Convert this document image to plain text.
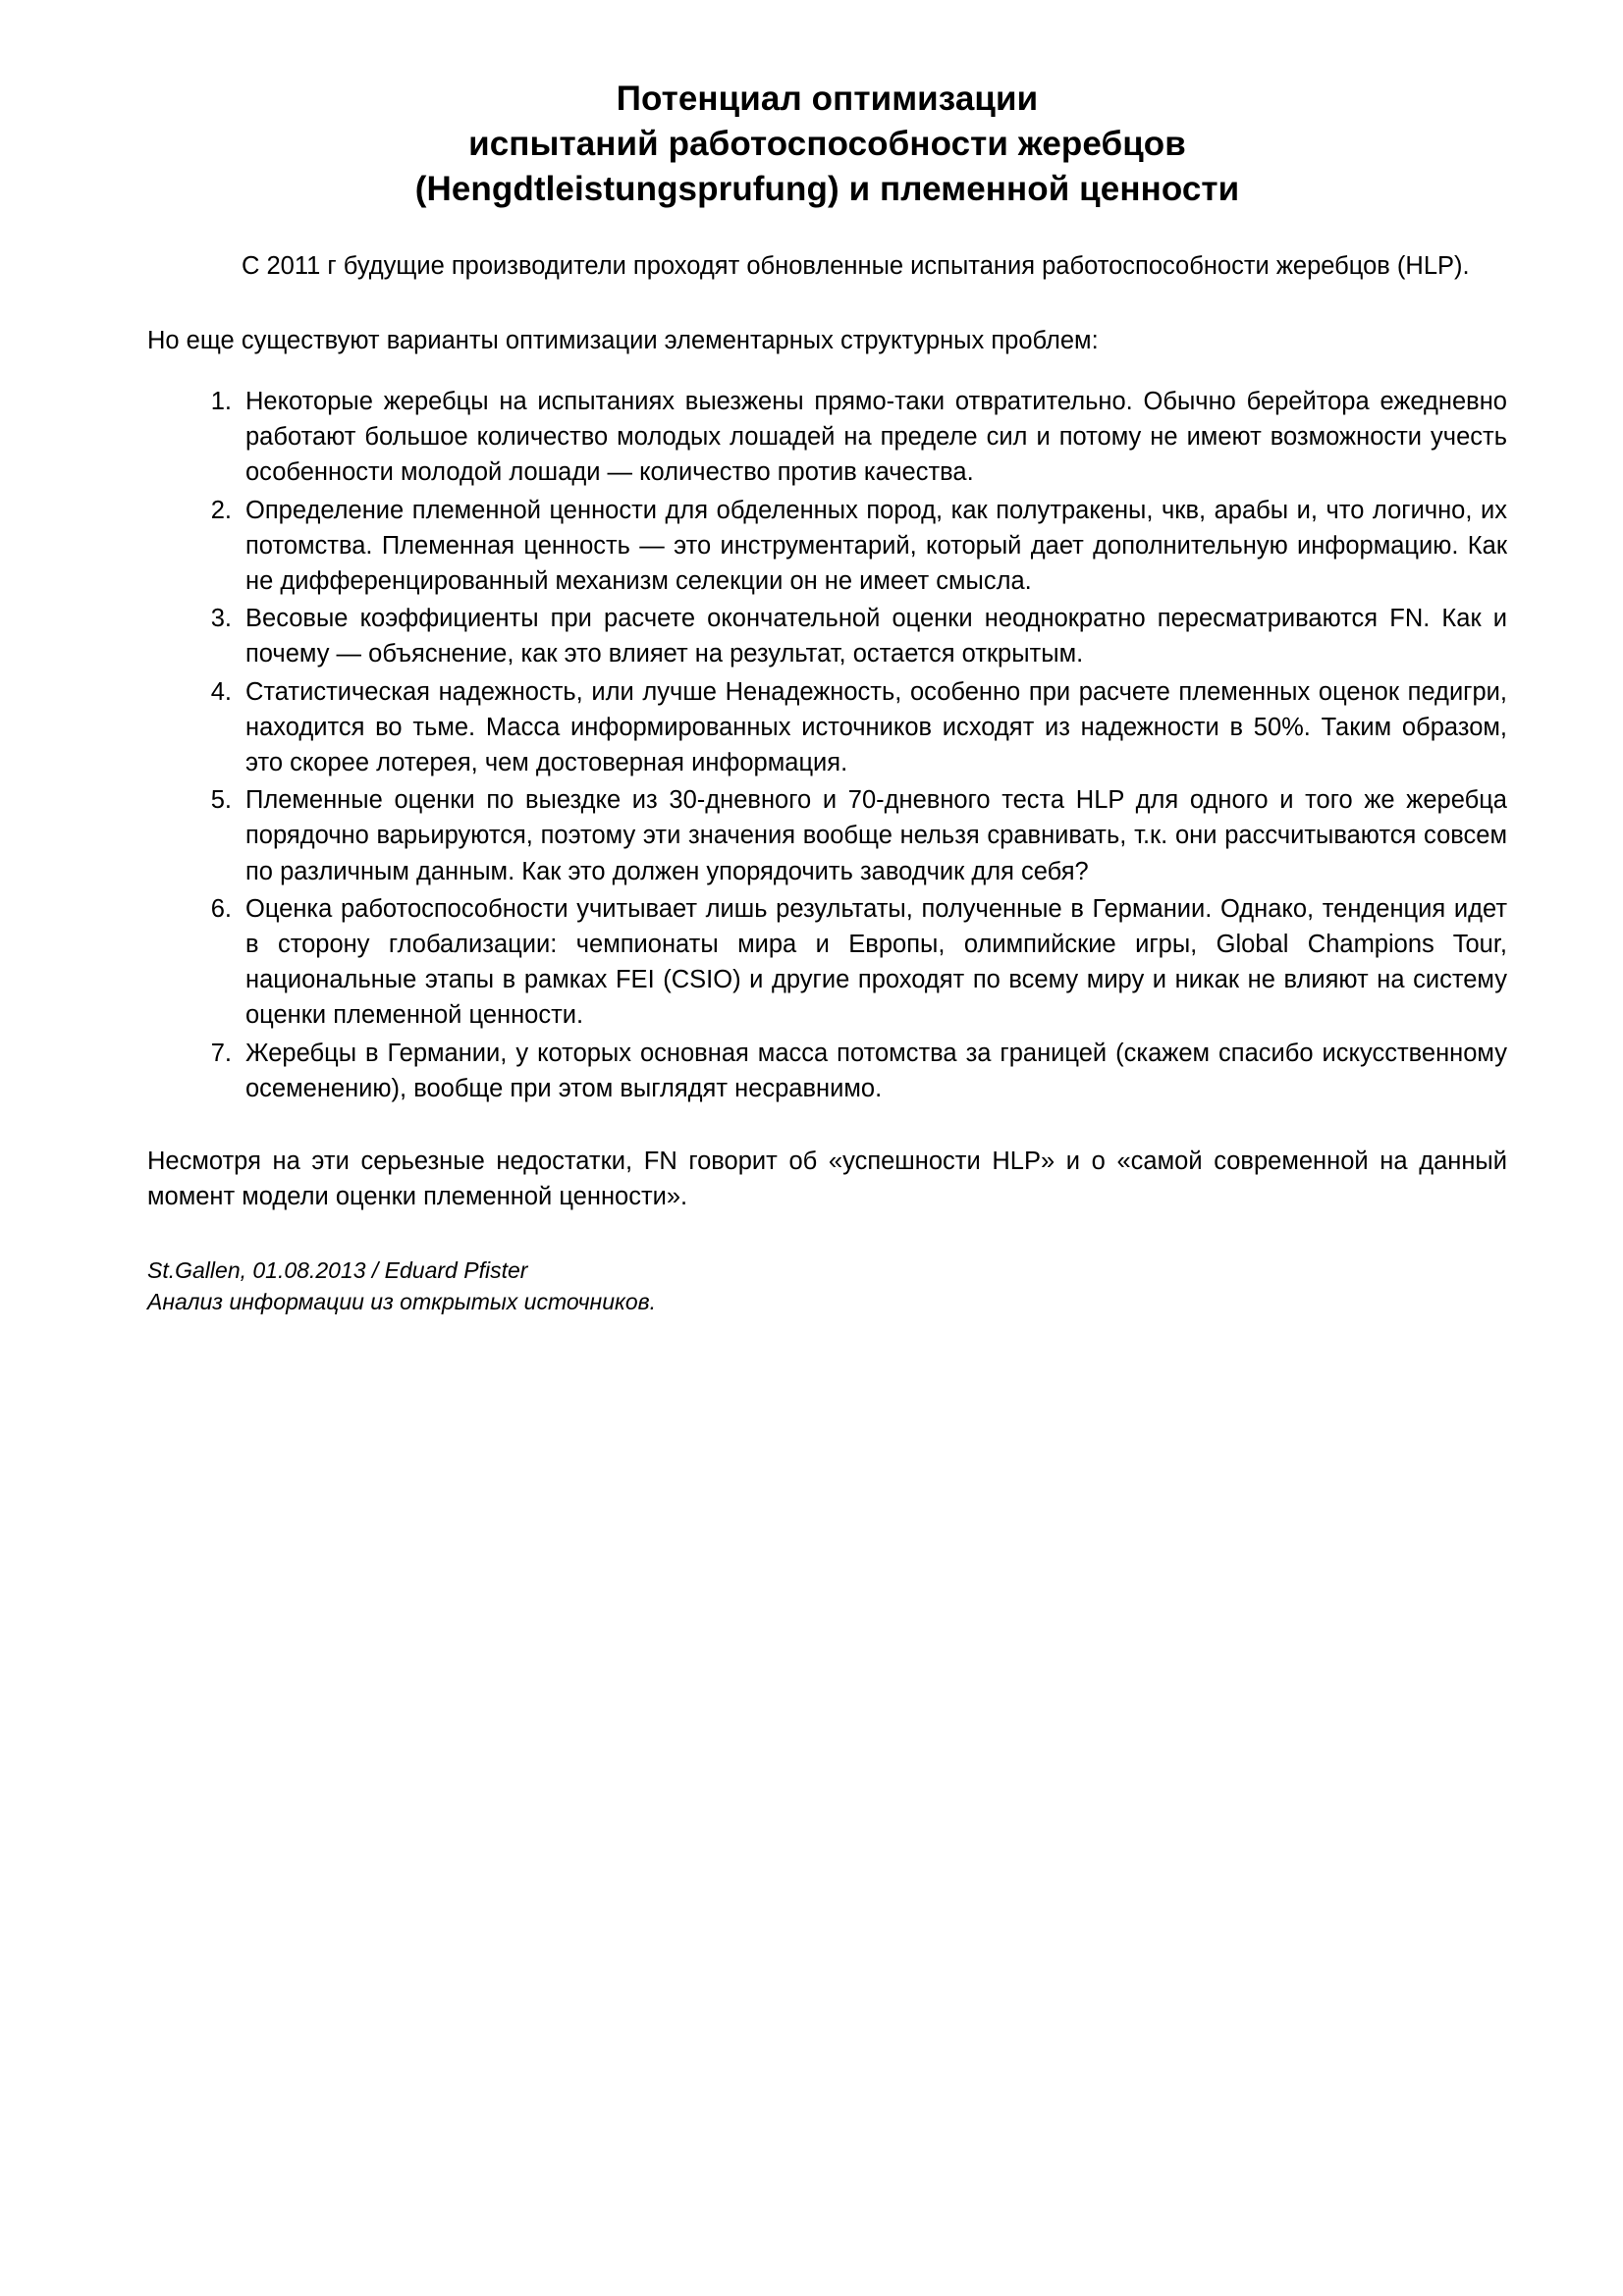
Потенциал оптимизации
испытаний работоспособности жеребцов
(Hengdtleistungsprufung) и племенной ценности

С 2011 г будущие производители проходят обновленные испытания работоспособности жеребцов (HLP).

Но еще существуют варианты оптимизации элементарных структурных проблем:

Некоторые жеребцы на испытаниях выезжены прямо-таки отвратительно. Обычно берейтора ежедневно работают большое количество молодых лошадей на пределе сил и потому не имеют возможности учесть особенности молодой лошади — количество против качества.
Определение племенной ценности для обделенных пород, как полутракены, чкв, арабы и, что логично, их потомства. Племенная ценность — это инструментарий, который дает дополнительную информацию. Как не дифференцированный механизм селекции он не имеет смысла.
Весовые коэффициенты при расчете окончательной оценки неоднократно пересматриваются FN. Как и почему — объяснение, как это влияет на результат, остается открытым.
Статистическая надежность, или лучше Ненадежность, особенно при расчете племенных оценок педигри, находится во тьме. Масса информированных источников исходят из надежности в 50%. Таким образом, это скорее лотерея, чем достоверная информация.
Племенные оценки по выездке из 30-дневного и 70-дневного теста HLP для одного и того же жеребца порядочно варьируются, поэтому эти значения вообще нельзя сравнивать, т.к. они рассчитываются совсем по различным данным. Как это должен упорядочить заводчик для себя?
Оценка работоспособности учитывает лишь результаты, полученные в Германии. Однако, тенденция идет в сторону глобализации: чемпионаты мира и Европы, олимпийские игры, Global Champions Tour, национальные этапы в рамках FEI (CSIO) и другие проходят по всему миру и никак не влияют на систему оценки племенной ценности.
Жеребцы в Германии, у которых основная масса потомства за границей (скажем спасибо искусственному осеменению), вообще при этом выглядят несравнимо.

Несмотря на эти серьезные недостатки, FN говорит об «успешности HLP» и о «самой современной на данный момент модели оценки племенной ценности».

St.Gallen, 01.08.2013 / Eduard Pfister
Анализ информации из открытых источников.
